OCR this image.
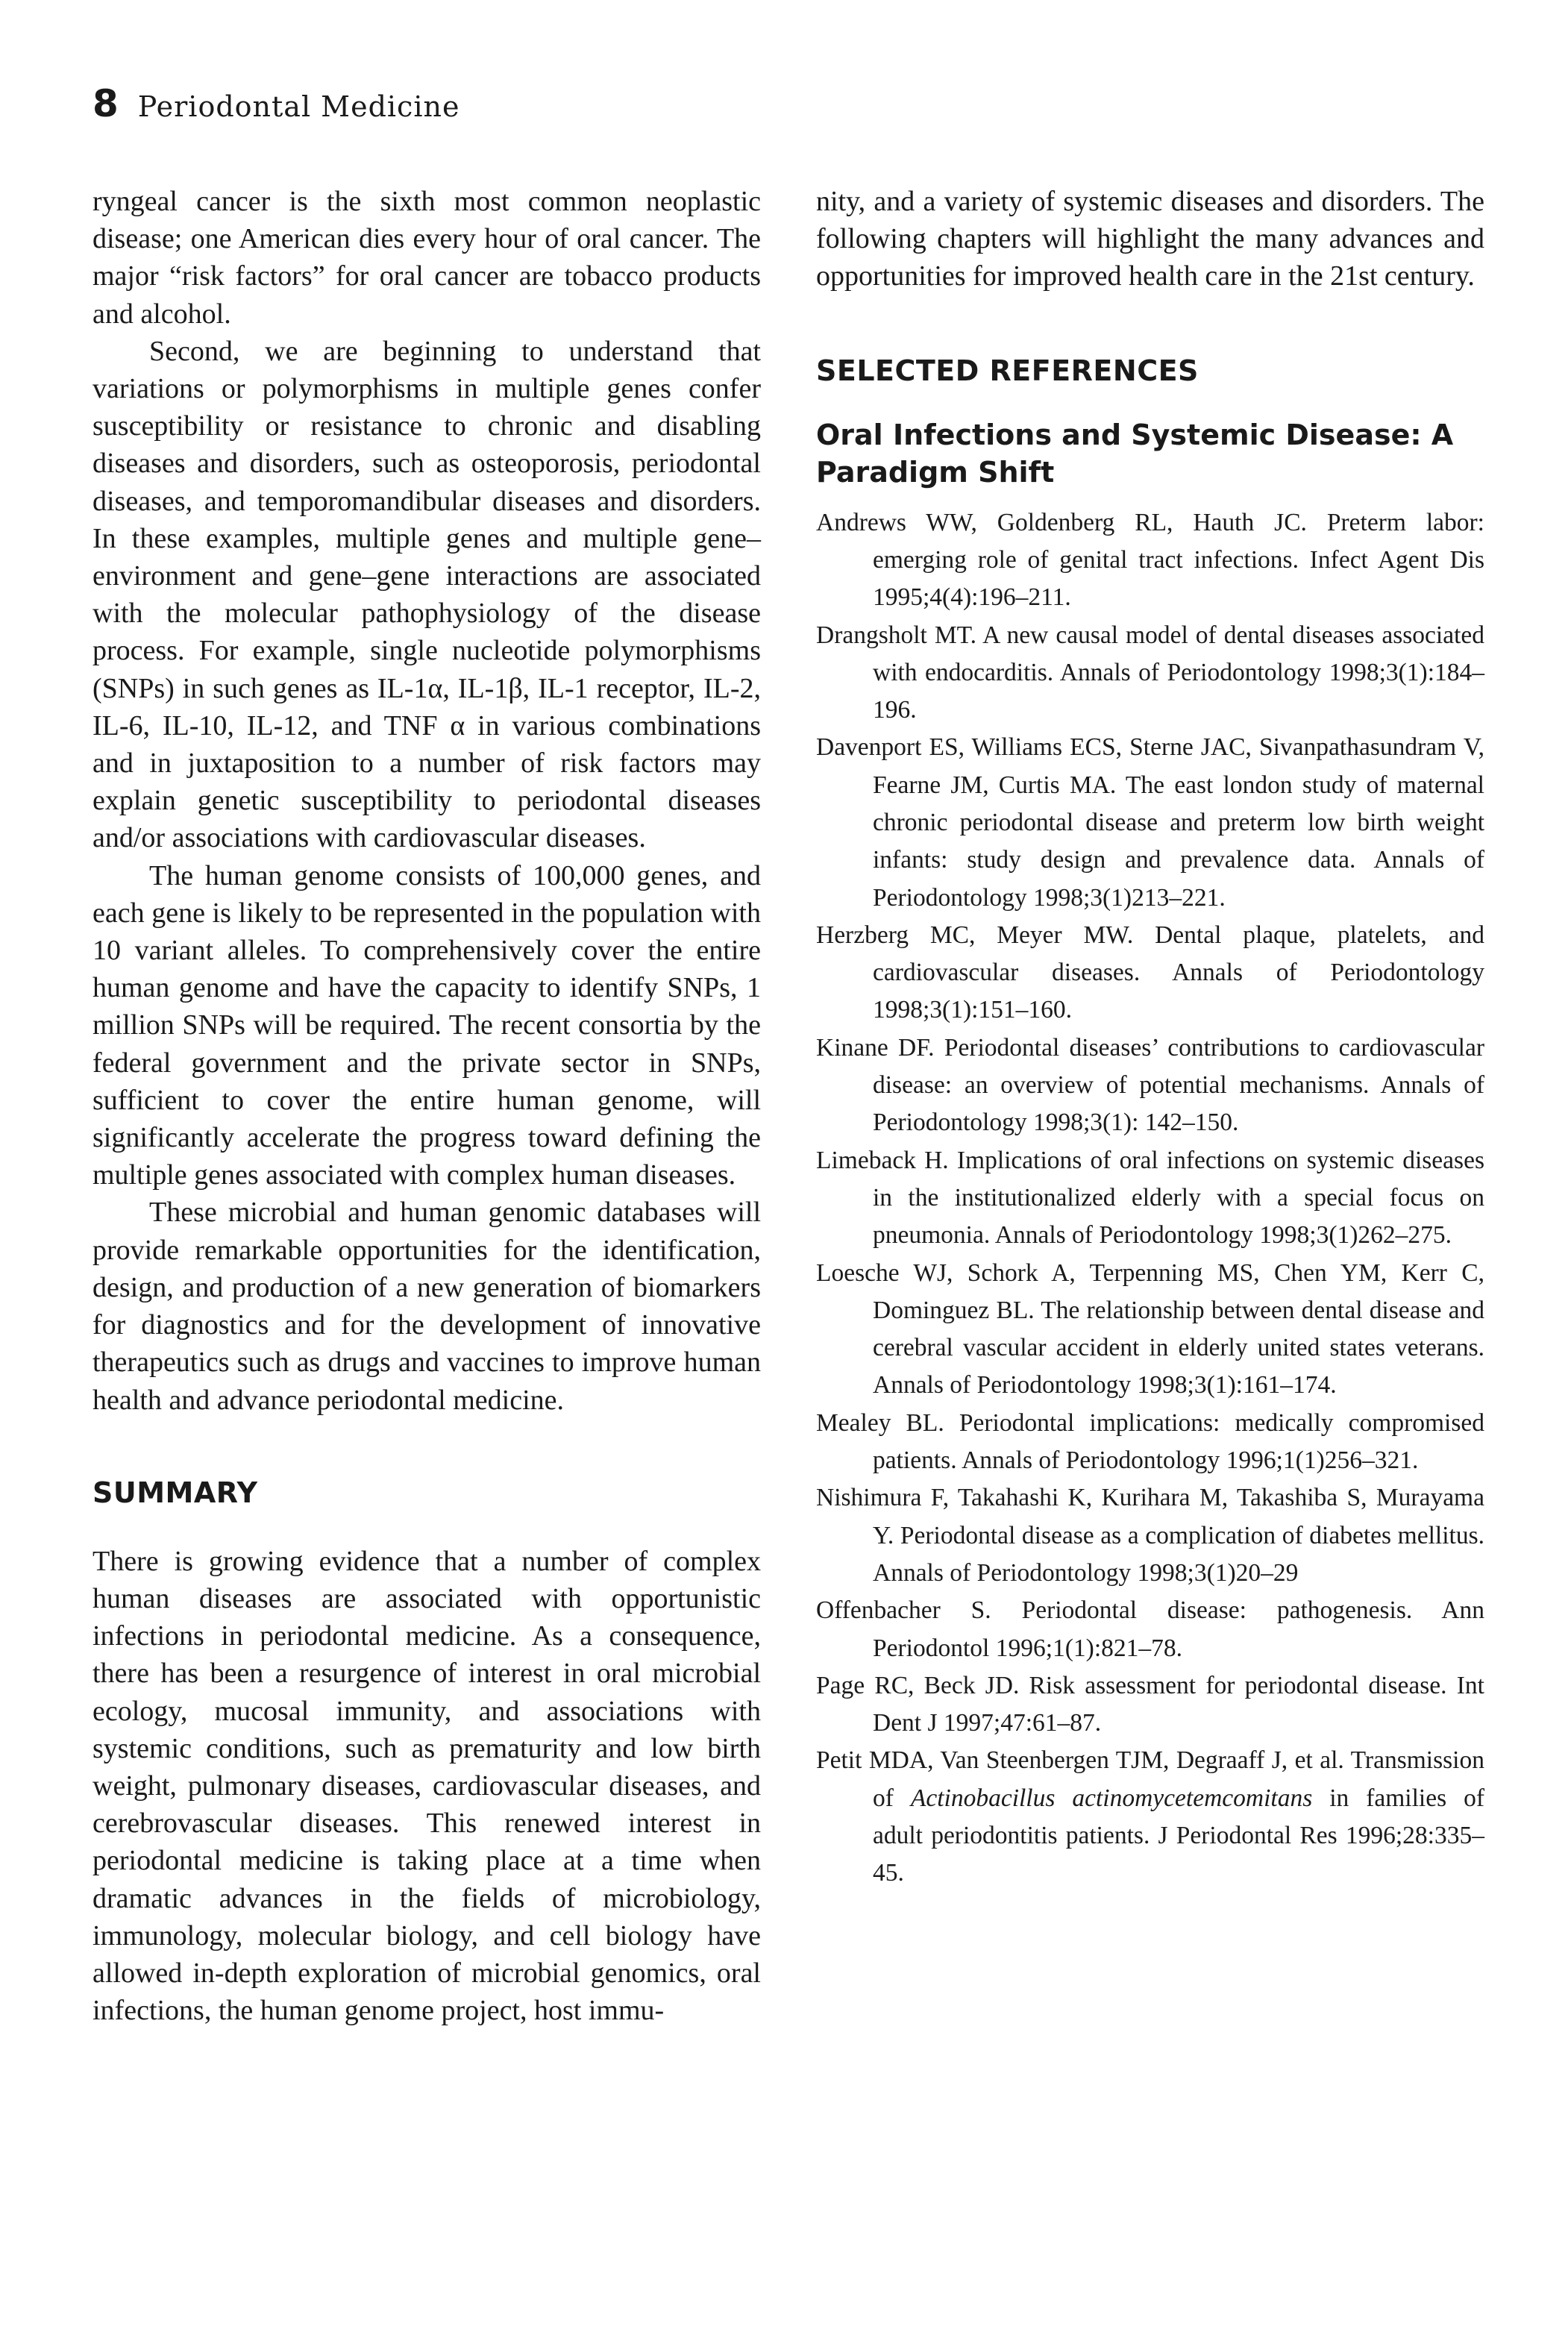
8 Periodontal Medicine

ryngeal cancer is the sixth most common neoplastic disease; one American dies every hour of oral cancer. The major “risk factors” for oral cancer are tobacco products and alcohol.

Second, we are beginning to understand that variations or polymorphisms in multiple genes confer susceptibility or resistance to chronic and disabling diseases and disorders, such as osteoporosis, periodontal diseases, and temporomandibular diseases and disorders. In these examples, multiple genes and multiple gene–environment and gene–gene interactions are associated with the molecular pathophysiology of the disease process. For example, single nucleotide polymorphisms (SNPs) in such genes as IL-1α, IL-1β, IL-1 receptor, IL-2, IL-6, IL-10, IL-12, and TNF α in various combinations and in juxtaposition to a number of risk factors may explain genetic susceptibility to periodontal diseases and/or associations with cardiovascular diseases.

The human genome consists of 100,000 genes, and each gene is likely to be represented in the population with 10 variant alleles. To comprehensively cover the entire human genome and have the capacity to identify SNPs, 1 million SNPs will be required. The recent consortia by the federal government and the private sector in SNPs, sufficient to cover the entire human genome, will significantly accelerate the progress toward defining the multiple genes associated with complex human diseases.

These microbial and human genomic databases will provide remarkable opportunities for the identification, design, and production of a new generation of biomarkers for diagnostics and for the development of innovative therapeutics such as drugs and vaccines to improve human health and advance periodontal medicine.

SUMMARY

There is growing evidence that a number of complex human diseases are associated with opportunistic infections in periodontal medicine. As a consequence, there has been a resurgence of interest in oral microbial ecology, mucosal immunity, and associations with systemic conditions, such as prematurity and low birth weight, pulmonary diseases, cardiovascular diseases, and cerebrovascular diseases. This renewed interest in periodontal medicine is taking place at a time when dramatic advances in the fields of microbiology, immunology, molecular biology, and cell biology have allowed in-depth exploration of microbial genomics, oral infections, the human genome project, host immu-

nity, and a variety of systemic diseases and disorders. The following chapters will highlight the many advances and opportunities for improved health care in the 21st century.

SELECTED REFERENCES
Oral Infections and Systemic Disease: A Paradigm Shift
Andrews WW, Goldenberg RL, Hauth JC. Preterm labor: emerging role of genital tract infections. Infect Agent Dis 1995;4(4):196–211.
Drangsholt MT. A new causal model of dental diseases associated with endocarditis. Annals of Periodontology 1998;3(1):184–196.
Davenport ES, Williams ECS, Sterne JAC, Sivanpathasundram V, Fearne JM, Curtis MA. The east london study of maternal chronic periodontal disease and preterm low birth weight infants: study design and prevalence data. Annals of Periodontology 1998;3(1)213–221.
Herzberg MC, Meyer MW. Dental plaque, platelets, and cardiovascular diseases. Annals of Periodontology 1998;3(1):151–160.
Kinane DF. Periodontal diseases’ contributions to cardiovascular disease: an overview of potential mechanisms. Annals of Periodontology 1998;3(1): 142–150.
Limeback H. Implications of oral infections on systemic diseases in the institutionalized elderly with a special focus on pneumonia. Annals of Periodontology 1998;3(1)262–275.
Loesche WJ, Schork A, Terpenning MS, Chen YM, Kerr C, Dominguez BL. The relationship between dental disease and cerebral vascular accident in elderly united states veterans. Annals of Periodontology 1998;3(1):161–174.
Mealey BL. Periodontal implications: medically compromised patients. Annals of Periodontology 1996;1(1)256–321.
Nishimura F, Takahashi K, Kurihara M, Takashiba S, Murayama Y. Periodontal disease as a complication of diabetes mellitus. Annals of Periodontology 1998;3(1)20–29
Offenbacher S. Periodontal disease: pathogenesis. Ann Periodontol 1996;1(1):821–78.
Page RC, Beck JD. Risk assessment for periodontal disease. Int Dent J 1997;47:61–87.
Petit MDA, Van Steenbergen TJM, Degraaff J, et al. Transmission of Actinobacillus actinomycetemcomitans in families of adult periodontitis patients. J Periodontal Res 1996;28:335–45.
